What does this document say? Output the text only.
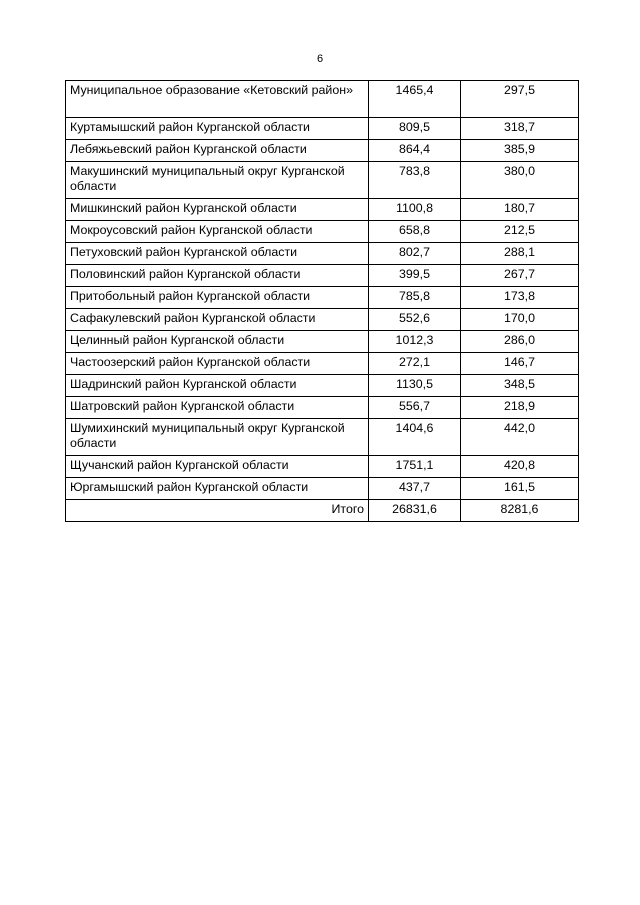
6
Муниципальное образование «Кетовский район»	1465,4	297,5
Куртамышский район Курганской области	809,5	318,7
Лебяжьевский район Курганской области	864,4	385,9
Макушинский муниципальный округ Курганской области	783,8	380,0
Мишкинский район Курганской области	1100,8	180,7
Мокроусовский район Курганской области	658,8	212,5
Петуховский район Курганской области	802,7	288,1
Половинский район Курганской области	399,5	267,7
Притобольный район Курганской области	785,8	173,8
Сафакулевский район Курганской области	552,6	170,0
Целинный район Курганской области	1012,3	286,0
Частоозерский район Курганской области	272,1	146,7
Шадринский район Курганской области	1130,5	348,5
Шатровский район Курганской области	556,7	218,9
Шумихинский муниципальный округ Курганской области	1404,6	442,0
Щучанский район Курганской области	1751,1	420,8
Юргамышский район Курганской области	437,7	161,5
Итого	26831,6	8281,6
